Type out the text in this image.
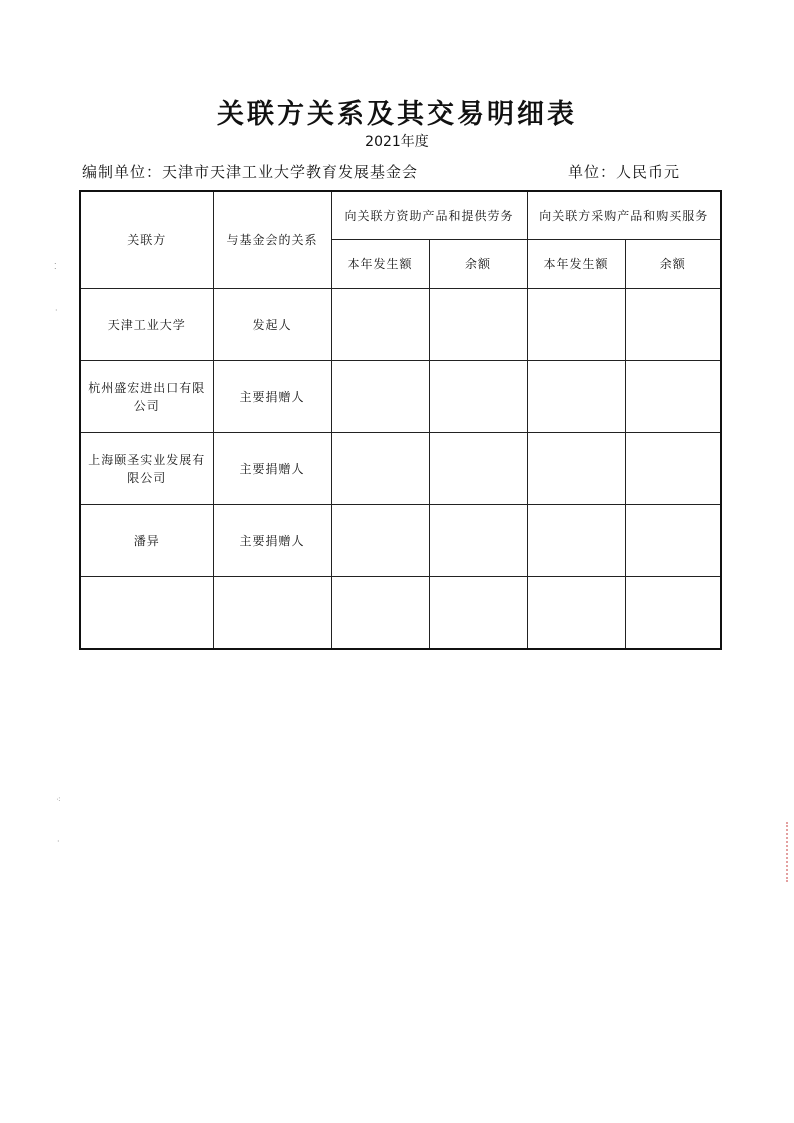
关联方关系及其交易明细表
2021年度
编制单位：天津市天津工业大学教育发展基金会	单位：人民币元
关联方	与基金会的关系	向关联方资助产品和提供劳务		向关联方采购产品和购买服务	
		本年发生额	余额	本年发生额	余额
天津工业大学	发起人				
杭州盛宏进出口有限公司	主要捐赠人				
上海颐圣实业发展有限公司	主要捐赠人				
潘异	主要捐赠人				

⁚
·
⁖
·
